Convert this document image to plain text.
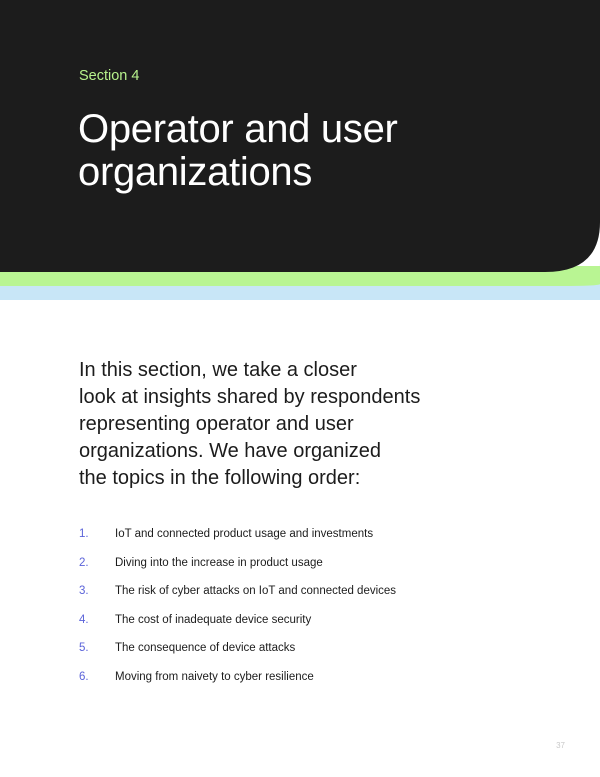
Section 4
Operator and user
organizations

In this section, we take a closer
look at insights shared by respondents
representing operator and user
organizations. We have organized
the topics in the following order:

1.	IoT and connected product usage and investments
2.	Diving into the increase in product usage
3.	The risk of cyber attacks on IoT and connected devices
4.	The cost of inadequate device security
5.	The consequence of device attacks
6.	Moving from naivety to cyber resilience
37
